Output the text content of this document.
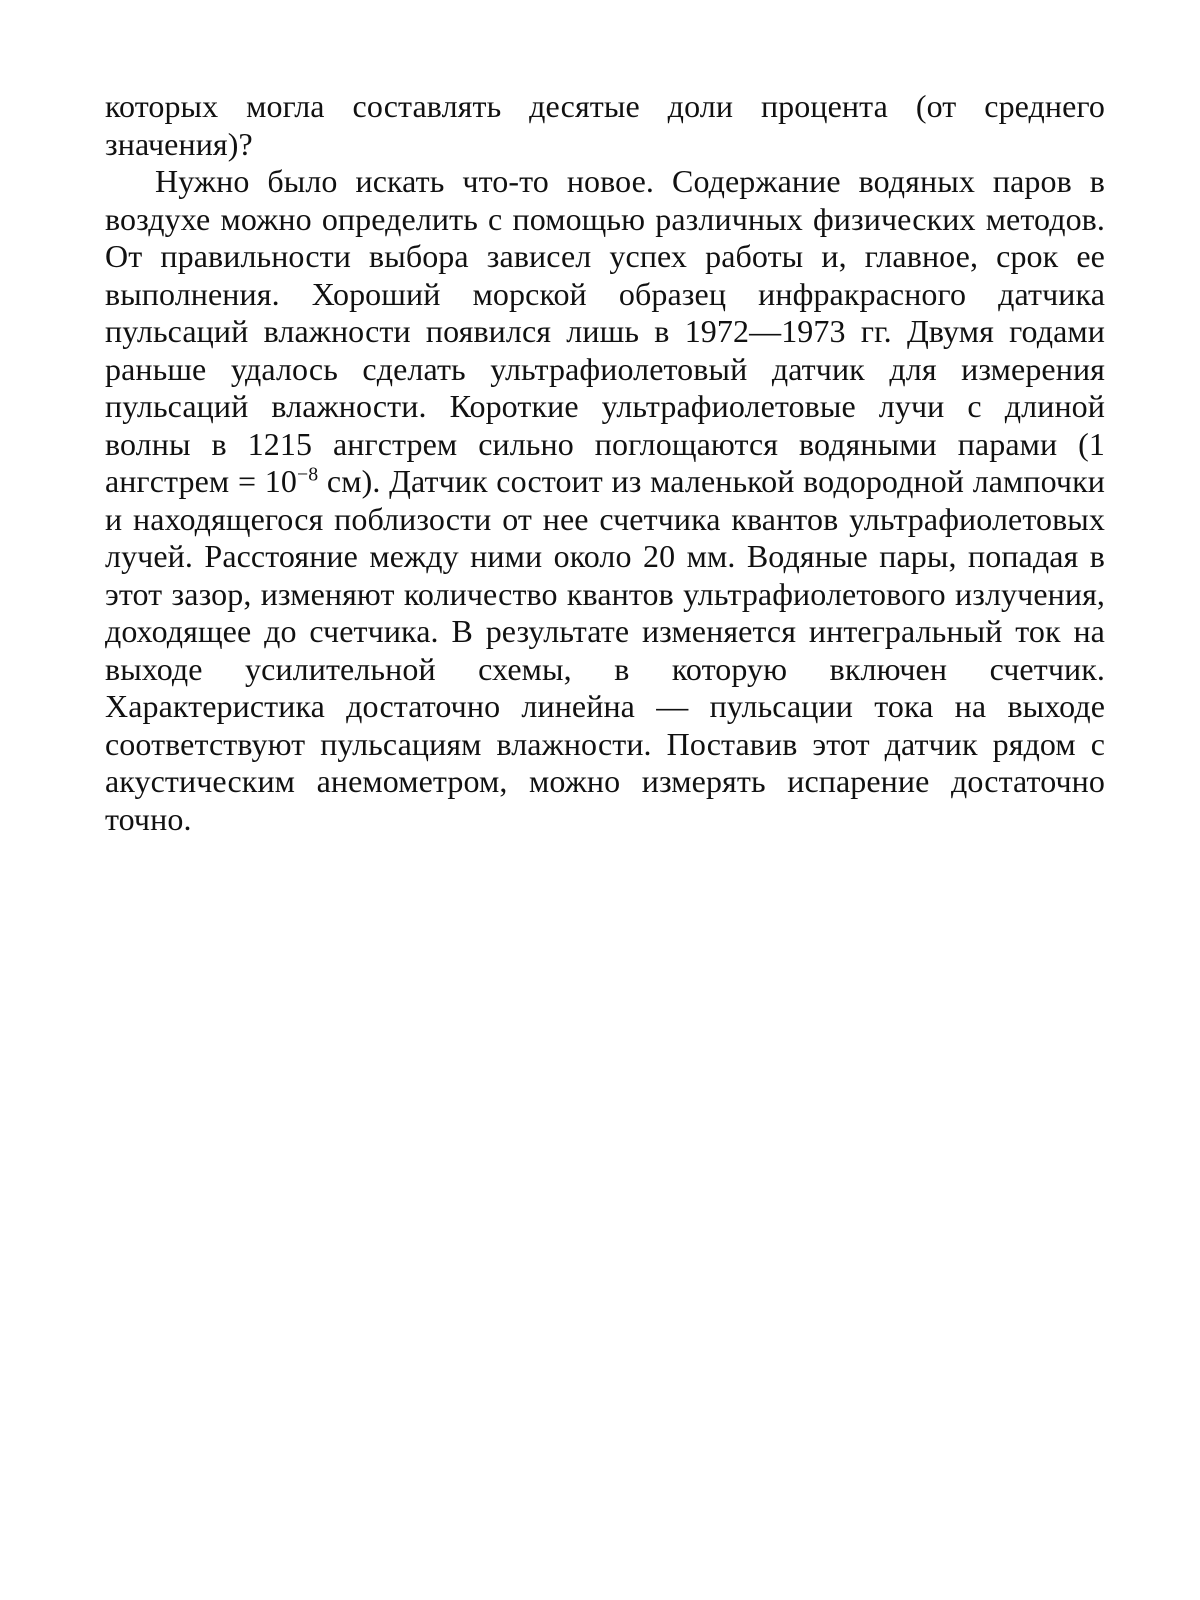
которых могла составлять десятые доли процента (от среднего значения)?

Нужно было искать что-то новое. Содержание водяных паров в воздухе можно определить с помощью различных физических методов. От правильности выбора зависел успех работы и, главное, срок ее выполнения. Хороший морской образец инфракрасного датчика пульсаций влажности появился лишь в 1972—1973 гг. Двумя годами раньше удалось сделать ультрафиолетовый датчик для измерения пульсаций влажности. Короткие ультрафиолетовые лучи с длиной волны в 1215 ангстрем сильно поглощаются водяными парами (1 ангстрем = $10^{-8}$ см). Датчик состоит из маленькой водородной лампочки и находящегося поблизости от нее счетчика квантов ультрафиолетовых лучей. Расстояние между ними около 20 мм. Водяные пары, попадая в этот зазор, изменяют количество квантов ультрафиолетового излучения, доходящее до счетчика. В результате изменяется интегральный ток на выходе усилительной схемы, в которую включен счетчик. Характеристика достаточно линейна — пульсации тока на выходе соответствуют пульсациям влажности. Поставив этот датчик рядом с акустическим анемометром, можно измерять испарение достаточно точно.
